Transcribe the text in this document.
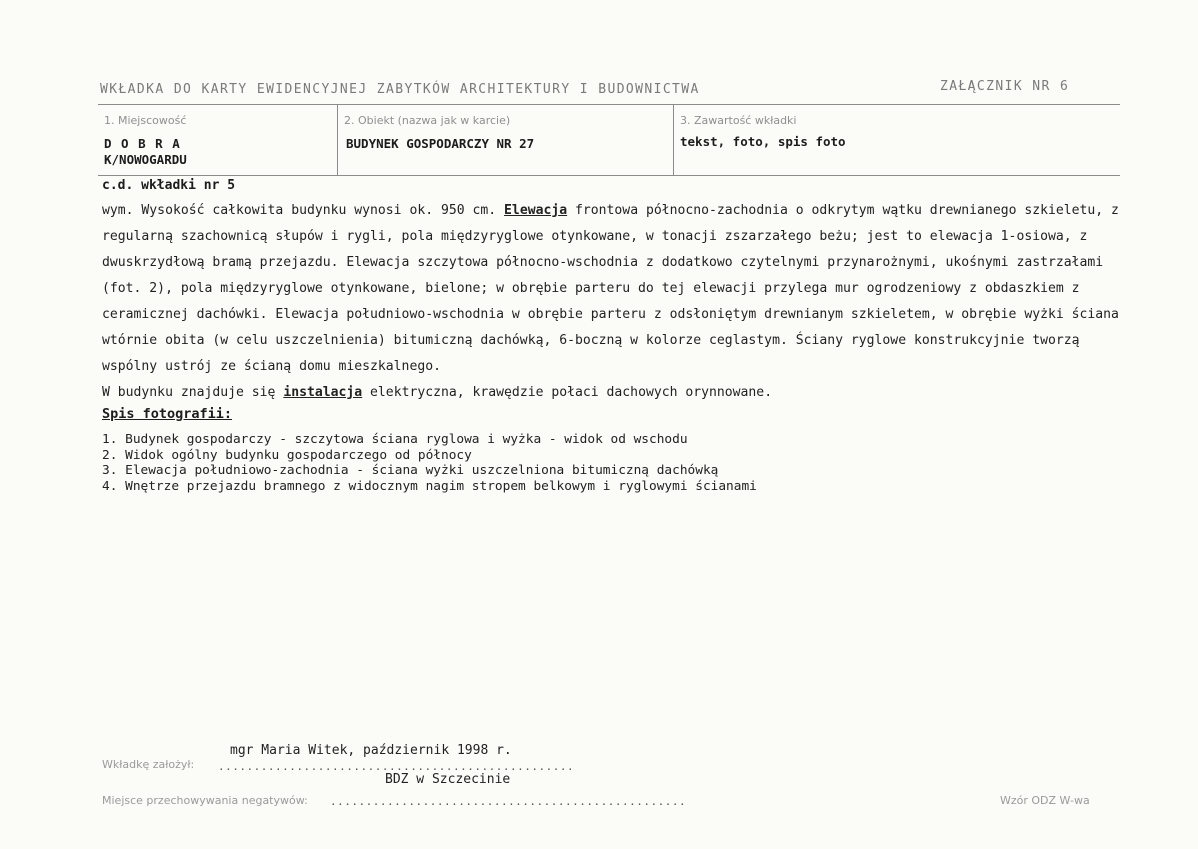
WKŁADKA DO KARTY EWIDENCYJNEJ ZABYTKÓW ARCHITEKTURY I BUDOWNICTWA	ZAŁĄCZNIK NR 6
1. Miejscowość
D O B R A
K/NOWOGARDU
2. Obiekt (nazwa jak w karcie)
BUDYNEK GOSPODARCZY NR 27
3. Zawartość wkładki
tekst, foto, spis foto
c.d. wkładki nr 5
wym. Wysokość całkowita budynku wynosi ok. 950 cm. Elewacja frontowa północno-zachodnia o odkrytym wątku drewnianego szkieletu, z regularną szachownicą słupów i rygli, pola międzyryglowe otynkowane, w tonacji zszarzałego beżu; jest to elewacja 1-osiowa, z dwuskrzydłową bramą przejazdu. Elewacja szczytowa północno-wschodnia z dodatkowo czytelnymi przynarożnymi, ukośnymi zastrzałami (fot. 2), pola międzyryglowe otynkowane, bielone; w obrębie parteru do tej elewacji przylega mur ogrodzeniowy z obdaszkiem z ceramicznej dachówki. Elewacja południowo-wschodnia w obrębie parteru z odsłoniętym drewnianym szkieletem, w obrębie wyżki ściana wtórnie obita (w celu uszczelnienia) bitumiczną dachówką, 6-boczną w kolorze ceglastym. Ściany ryglowe konstrukcyjnie tworzą wspólny ustrój ze ścianą domu mieszkalnego.
W budynku znajduje się instalacja elektryczna, krawędzie połaci dachowych orynnowane.
Spis fotografii:
1. Budynek gospodarczy - szczytowa ściana ryglowa i wyżka - widok od wschodu
2. Widok ogólny budynku gospodarczego od północy
3. Elewacja południowo-zachodnia - ściana wyżki uszczelniona bitumiczną dachówką
4. Wnętrze przejazdu bramnego z widocznym nagim stropem belkowym i ryglowymi ścianami
Wkładkę założył:
mgr Maria Witek, październik 1998 r.
..................................................
BDZ w Szczecinie
Miejsce przechowywania negatywów: ..................................................	Wzór ODZ W-wa
